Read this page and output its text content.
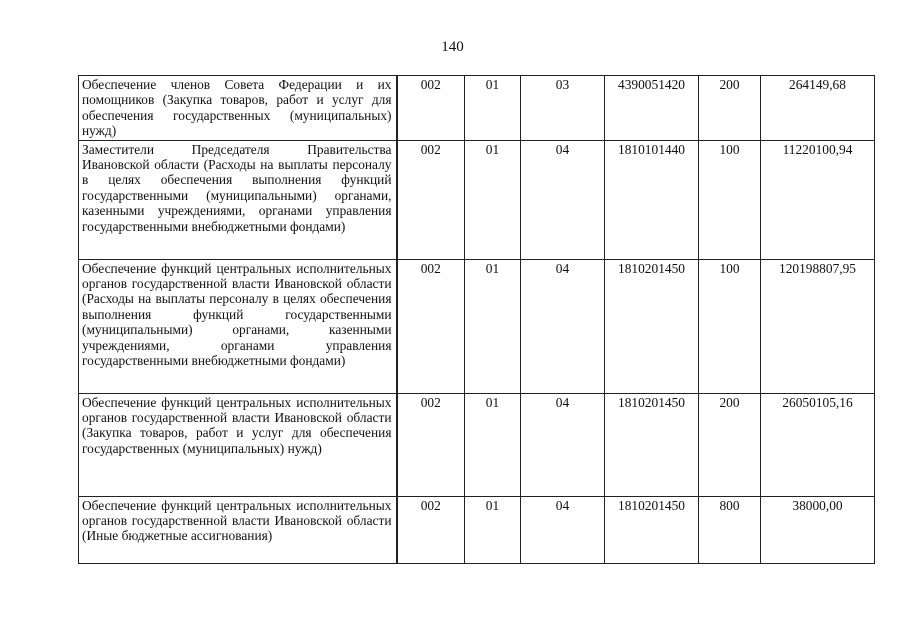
140
Обеспечение членов Совета Федерации и их помощников (Закупка товаров, работ и услуг для обеспечения государственных (муниципальных) нужд)	002	01	03	4390051420	200	264149,68
Заместители Председателя Правительства Ивановской области (Расходы на выплаты персоналу в целях обеспечения выполнения функций государственными (муниципальными) органами, казенными учреждениями, органами управления государственными внебюджетными фондами)	002	01	04	1810101440	100	11220100,94
Обеспечение функций центральных исполнительных органов государственной власти Ивановской области (Расходы на выплаты персоналу в целях обеспечения выполнения функций государственными (муниципальными) органами, казенными учреждениями, органами управления государственными внебюджетными фондами)	002	01	04	1810201450	100	120198807,95
Обеспечение функций центральных исполнительных органов государственной власти Ивановской области (Закупка товаров, работ и услуг для обеспечения государственных (муниципальных) нужд)	002	01	04	1810201450	200	26050105,16
Обеспечение функций центральных исполнительных органов государственной власти Ивановской области (Иные бюджетные ассигнования)	002	01	04	1810201450	800	38000,00
